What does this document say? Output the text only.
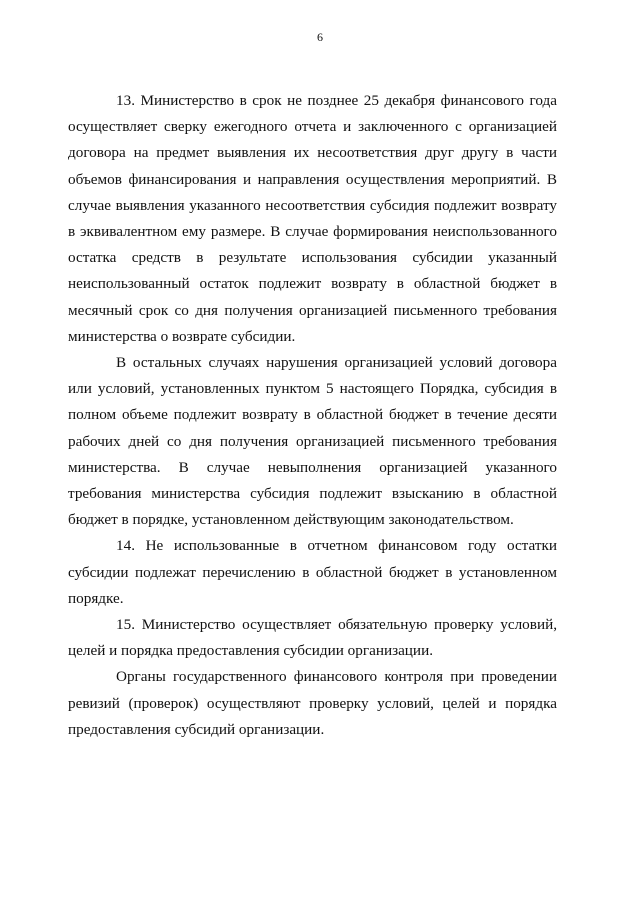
6

13. Министерство в срок не позднее 25 декабря финансового года осуществляет сверку ежегодного отчета и заключенного с организацией договора на предмет выявления их несоответствия друг другу в части объемов финансирования и направления осуществления мероприятий. В случае выявления указанного несоответствия субсидия подлежит возврату в эквивалентном ему размере. В случае формирования неиспользованного остатка средств в результате использования субсидии указанный неиспользованный остаток подлежит возврату в областной бюджет в месячный срок со дня получения организацией письменного требования министерства о возврате субсидии.

В остальных случаях нарушения организацией условий договора или условий, установленных пунктом 5 настоящего Порядка, субсидия в полном объеме подлежит возврату в областной бюджет в течение десяти рабочих дней со дня получения организацией письменного требования министерства. В случае невыполнения организацией указанного требования министерства субсидия подлежит взысканию в областной бюджет в порядке, установленном действующим законодательством.

14. Не использованные в отчетном финансовом году остатки субсидии подлежат перечислению в областной бюджет в установленном порядке.

15. Министерство осуществляет обязательную проверку условий, целей и порядка предоставления субсидии организации.

Органы государственного финансового контроля при проведении ревизий (проверок) осуществляют проверку условий, целей и порядка предоставления субсидий организации.
